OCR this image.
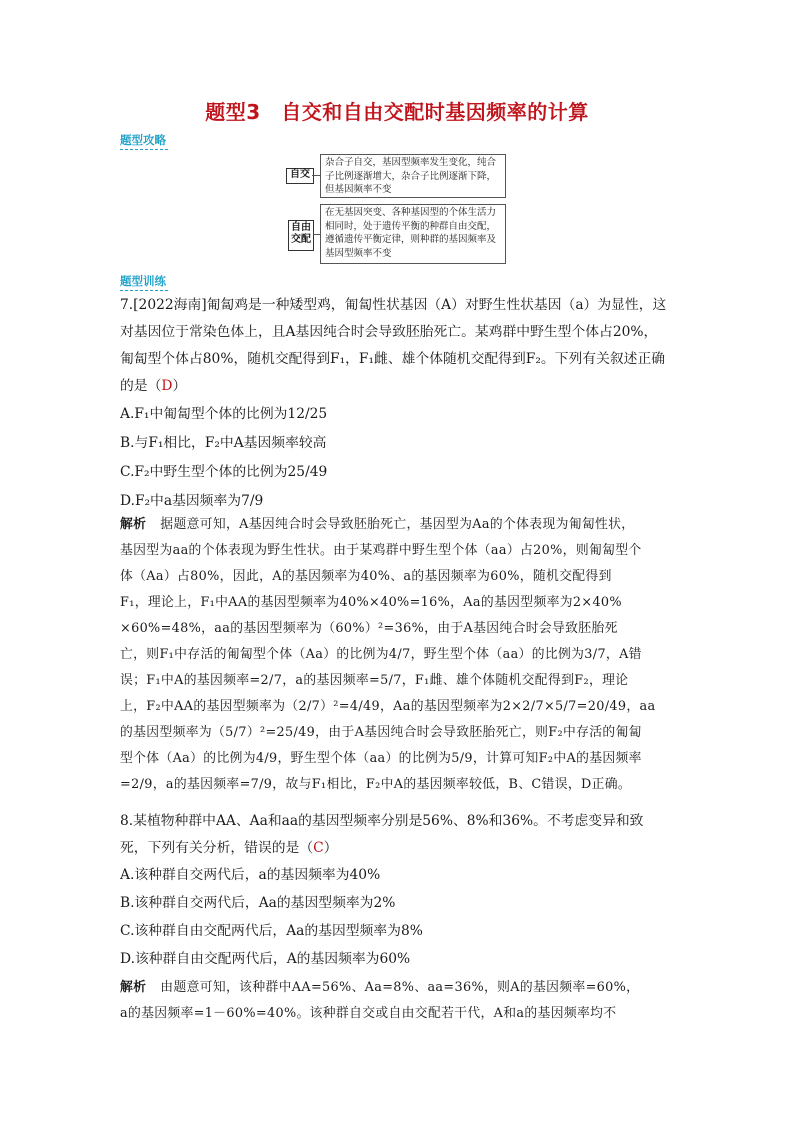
题型3　自交和自由交配时基因频率的计算
题型攻略
自交
杂合子自交，基因型频率发生变化，纯合子比例逐渐增大，杂合子比例逐渐下降，但基因频率不变
自由
交配
在无基因突变、各种基因型的个体生活力相同时，处于遗传平衡的种群自由交配，遵循遗传平衡定律，则种群的基因频率及基因型频率不变
题型训练
7.[2022海南]匍匐鸡是一种矮型鸡，匍匐性状基因（A）对野生性状基因（a）为显性，这
对基因位于常染色体上，且A基因纯合时会导致胚胎死亡。某鸡群中野生型个体占20%，
匍匐型个体占80%，随机交配得到F₁，F₁雌、雄个体随机交配得到F₂。下列有关叙述正确
的是（D）
A.F₁中匍匐型个体的比例为12/25
B.与F₁相比，F₂中A基因频率较高
C.F₂中野生型个体的比例为25/49
D.F₂中a基因频率为7/9
解析 据题意可知，A基因纯合时会导致胚胎死亡，基因型为Aa的个体表现为匍匐性状，
基因型为aa的个体表现为野生性状。由于某鸡群中野生型个体（aa）占20%，则匍匐型个
体（Aa）占80%，因此，A的基因频率为40%、a的基因频率为60%，随机交配得到
F₁，理论上，F₁中AA的基因型频率为40%×40%=16%，Aa的基因型频率为2×40%
×60%=48%，aa的基因型频率为（60%）²=36%，由于A基因纯合时会导致胚胎死
亡，则F₁中存活的匍匐型个体（Aa）的比例为4/7，野生型个体（aa）的比例为3/7，A错
误；F₁中A的基因频率=2/7，a的基因频率=5/7，F₁雌、雄个体随机交配得到F₂，理论
上，F₂中AA的基因型频率为（2/7）²=4/49，Aa的基因型频率为2×2/7×5/7=20/49，aa
的基因型频率为（5/7）²=25/49，由于A基因纯合时会导致胚胎死亡，则F₂中存活的匍匐
型个体（Aa）的比例为4/9，野生型个体（aa）的比例为5/9，计算可知F₂中A的基因频率
=2/9，a的基因频率=7/9，故与F₁相比，F₂中A的基因频率较低，B、C错误，D正确。
8.某植物种群中AA、Aa和aa的基因型频率分别是56%、8%和36%。不考虑变异和致
死，下列有关分析，错误的是（C）
A.该种群自交两代后，a的基因频率为40%
B.该种群自交两代后，Aa的基因型频率为2%
C.该种群自由交配两代后，Aa的基因型频率为8%
D.该种群自由交配两代后，A的基因频率为60%
解析 由题意可知，该种群中AA=56%、Aa=8%、aa=36%，则A的基因频率=60%，
a的基因频率=1－60%=40%。该种群自交或自由交配若干代，A和a的基因频率均不
